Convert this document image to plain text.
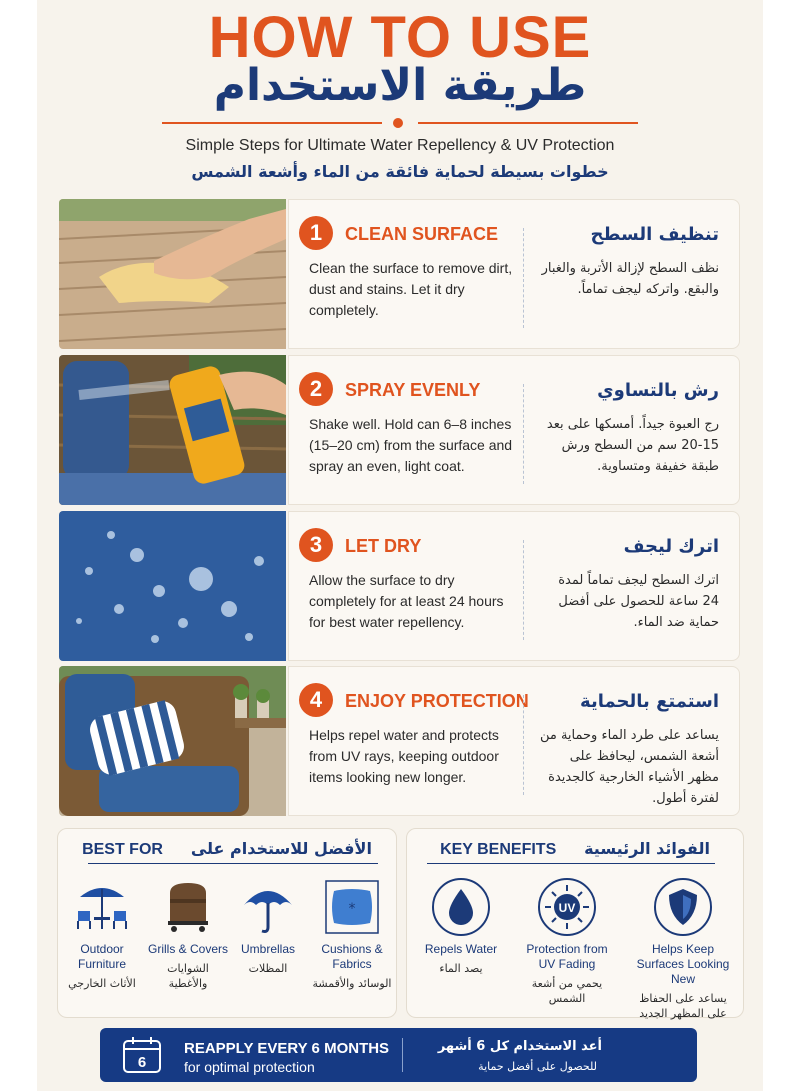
HOW TO USE
طريقة الاستخدام
Simple Steps for Ultimate Water Repellency & UV Protection
خطوات بسيطة لحماية فائقة من الماء وأشعة الشمس
1	CLEAN SURFACE
Clean the surface to remove dirt, dust and stains. Let it dry completely.
تنظيف السطح
نظف السطح لإزالة الأتربة والغبار والبقع. واتركه ليجف تماماً.
2	SPRAY EVENLY
Shake well. Hold can 6–8 inches (15–20 cm) from the surface and spray an even, light coat.
رش بالتساوي
رج العبوة جيداً. أمسكها على بعد 15-20 سم من السطح ورش طبقة خفيفة ومتساوية.
3	LET DRY
Allow the surface to dry completely for at least 24 hours for best water repellency.
اترك ليجف
اترك السطح ليجف تماماً لمدة 24 ساعة للحصول على أفضل حماية ضد الماء.
4	ENJOY PROTECTION
Helps repel water and protects from UV rays, keeping outdoor items looking new longer.
استمتع بالحماية
يساعد على طرد الماء وحماية من أشعة الشمس، ليحافظ على مظهر الأشياء الخارجية كالجديدة لفترة أطول.
BEST FOR الأفضل للاستخدام على
Outdoor Furniture
الأثاث الخارجي
Grills & Covers
الشوايات والأغطية
Umbrellas
المظلات
*
Cushions & Fabrics
الوسائد والأقمشة
KEY BENEFITS الفوائد الرئيسية
Repels Water
يصد الماء
UV
Protection from UV Fading
يحمي من أشعة الشمس
Helps Keep Surfaces Looking New
يساعد على الحفاظ على المظهر الجديد
6
REAPPLY EVERY 6 MONTHS
for optimal protection
أعد الاستخدام كل 6 أشهر
للحصول على أفضل حماية
